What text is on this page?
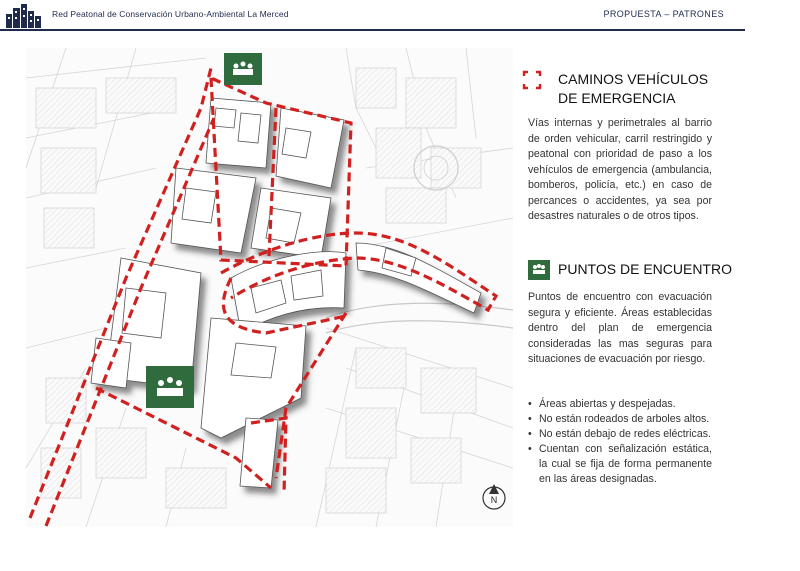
Red Peatonal de Conservación Urbano-Ambiental La Merced	PROPUESTA – PATRONES
N
CAMINOS VEHÍCULOS
DE EMERGENCIA
Vías internas y perimetrales al barrio de orden vehicular, carril restringido y peatonal con prioridad de paso a los vehículos de emergencia (ambulancia, bomberos, policía, etc.) en caso de percances o accidentes, ya sea por desastres naturales o de otros tipos.
PUNTOS DE ENCUENTRO
Puntos de encuentro con evacuación segura y eficiente. Áreas establecidas dentro del plan de emergencia consideradas las mas seguras para situaciones de evacuación por riesgo.
• Áreas abiertas y despejadas.
• No están rodeados de arboles altos.
• No están debajo de redes eléctricas.
• Cuentan con señalización estática, la cual se fija de forma permanente en las áreas designadas.
